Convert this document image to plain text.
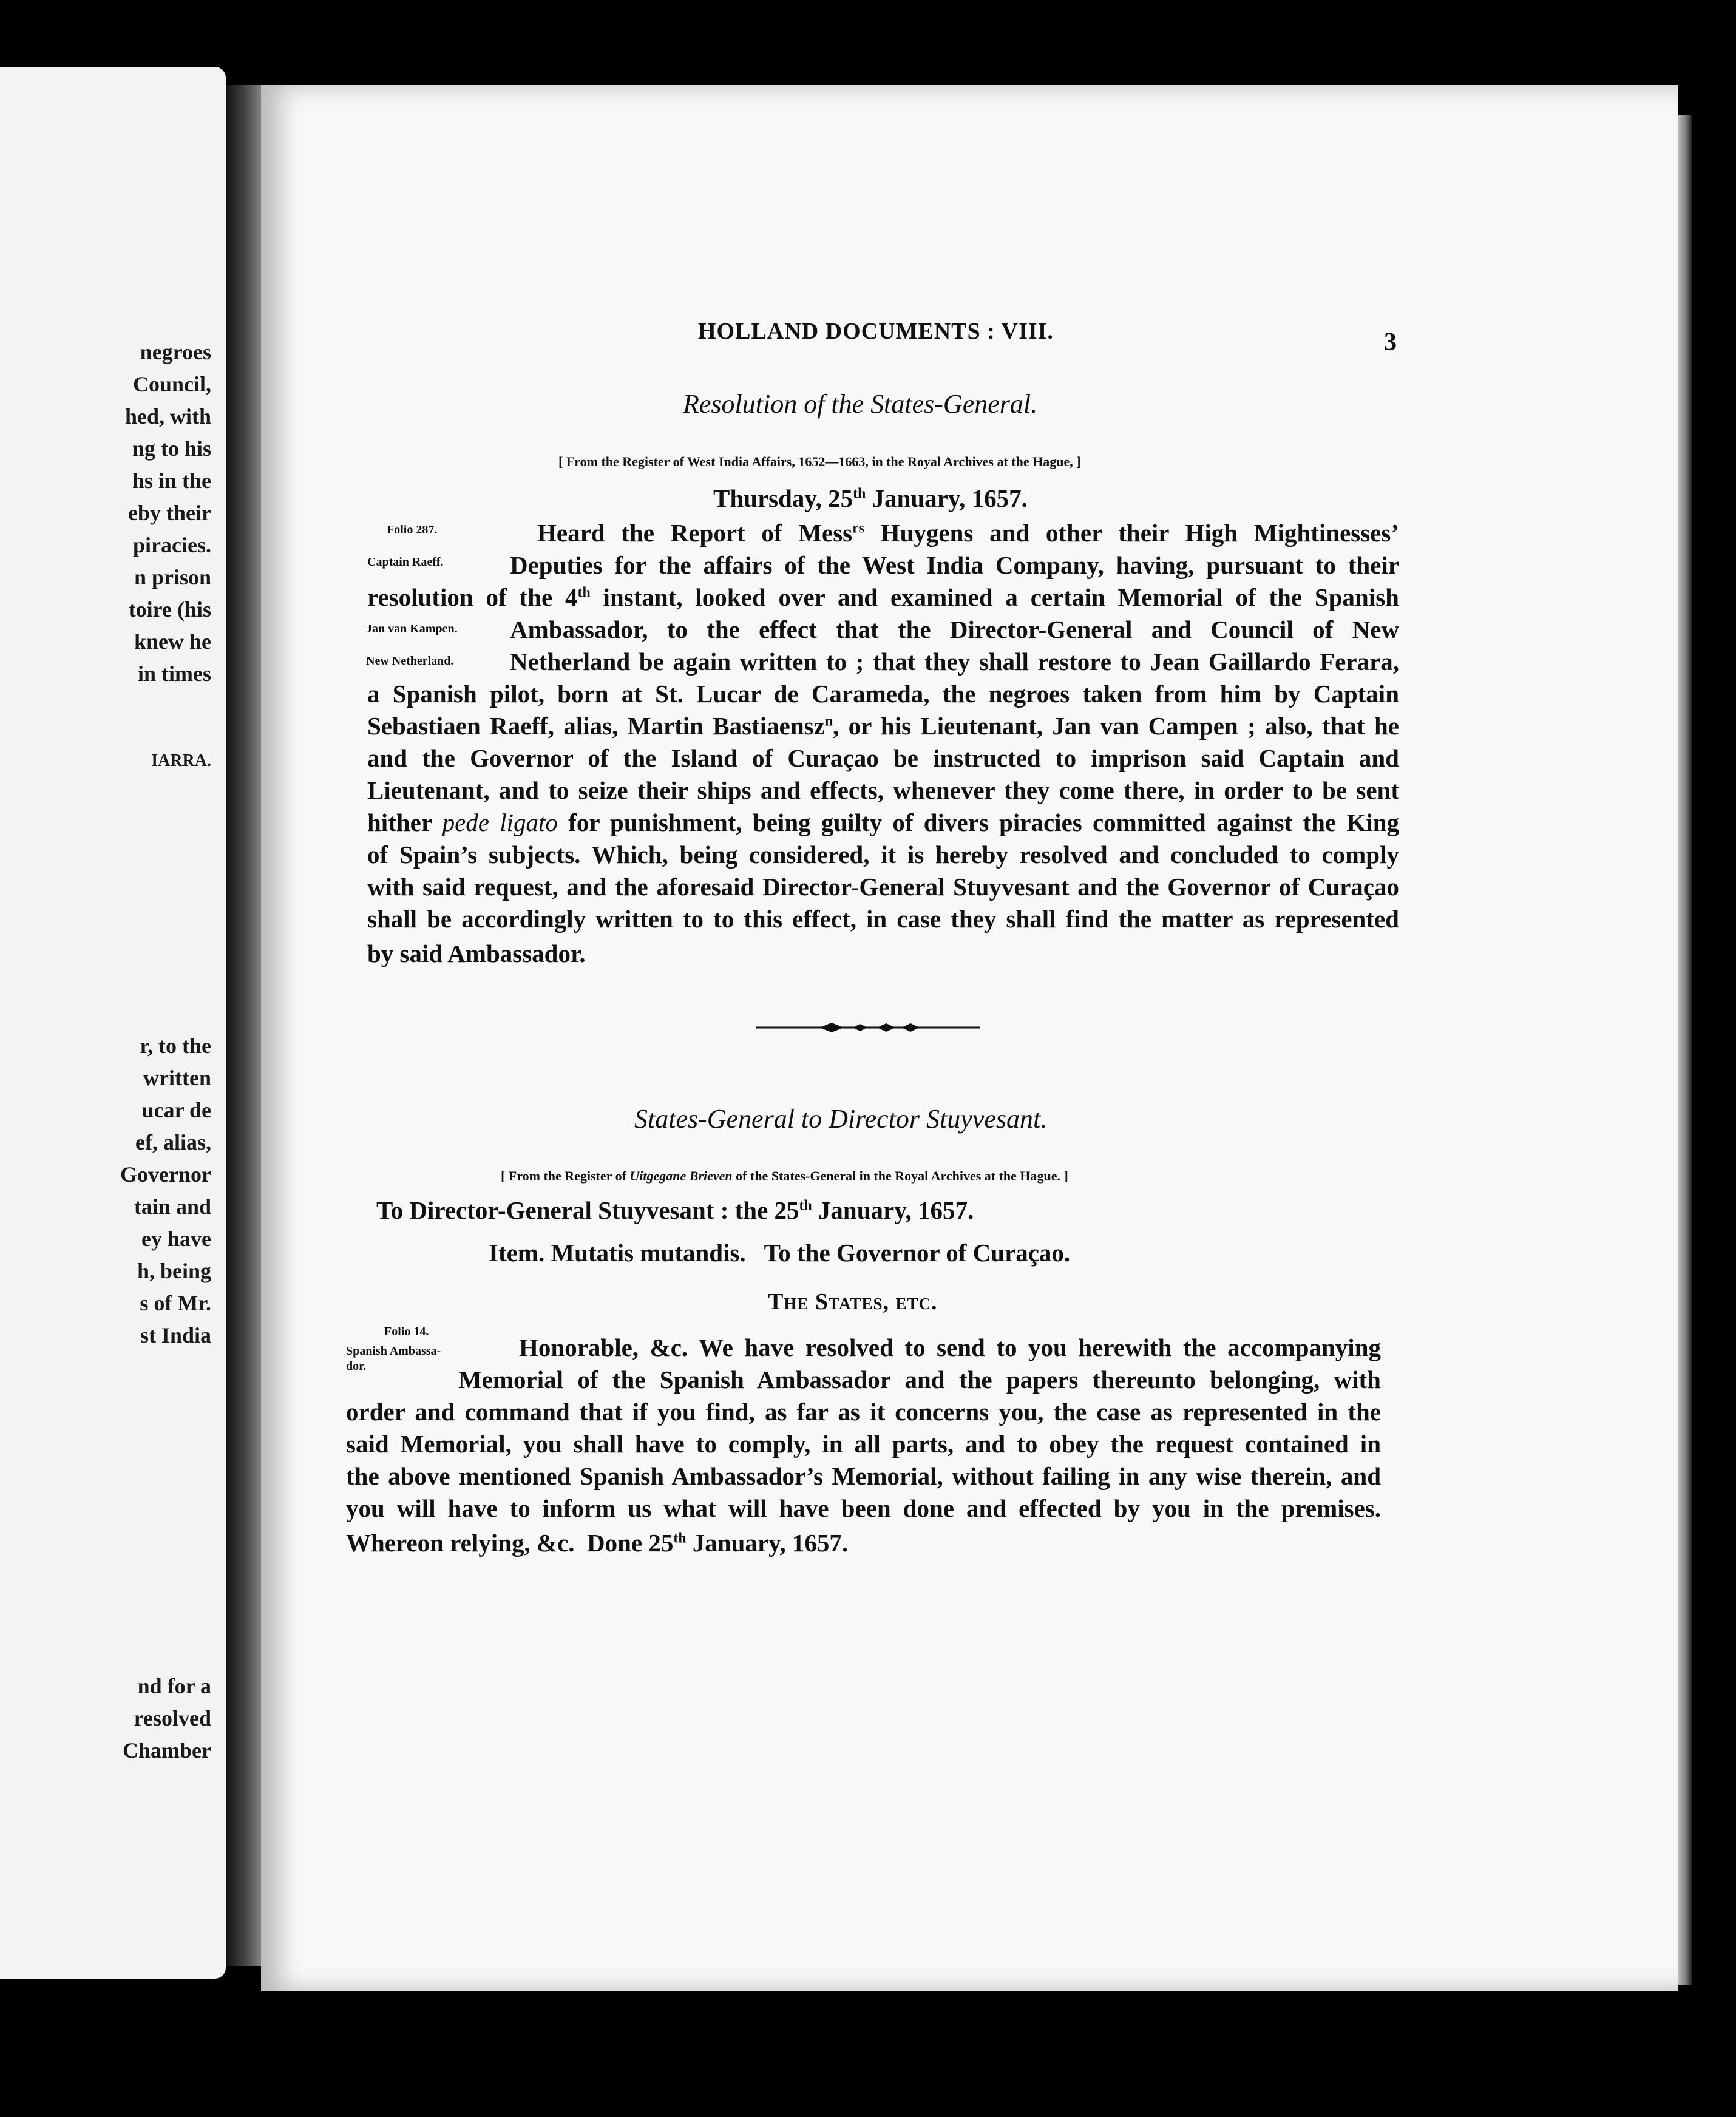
negroes
Council,
hed, with
ng to his
hs in the
eby their
piracies.
n prison
toire (his
knew he
in times
IARRA.
r, to the
written
ucar de
ef, alias,
Governor
tain and
ey have
h, being
s of Mr.
st India
nd for a
resolved
Chamber
HOLLAND DOCUMENTS : VIII.	3
Resolution of the States-General.
[ From the Register of West India Affairs, 1652—1663, in the Royal Archives at the Hague, ]
Thursday, 25th January, 1657.
Folio 287.
Captain Raeff.
Jan van Kampen.
New Netherland.
Heard the Report of Mess$^{rs}$ Huygens and other their High Mightinesses’
Deputies for the affairs of the West India Company, having, pursuant to their
resolution of the 4th instant, looked over and examined a certain Memorial of the Spanish
Ambassador, to the effect that the Director-General and Council of New
Netherland be again written to ; that they shall restore to Jean Gaillardo Ferara,
a Spanish pilot, born at St. Lucar de Carameda, the negroes taken from him by Captain
Sebastiaen Raeff, alias, Martin Bastiaensz$^n$, or his Lieutenant, Jan van Campen ; also, that he
and the Governor of the Island of Curaçao be instructed to imprison said Captain and
Lieutenant, and to seize their ships and effects, whenever they come there, in order to be sent
hither pede ligato for punishment, being guilty of divers piracies committed against the King
of Spain’s subjects. Which, being considered, it is hereby resolved and concluded to comply
with said request, and the aforesaid Director-General Stuyvesant and the Governor of Curaçao
shall be accordingly written to to this effect, in case they shall find the matter as represented
by said Ambassador.
States-General to Director Stuyvesant.
[ From the Register of Uitgegane Brieven of the States-General in the Royal Archives at the Hague. ]
To Director-General Stuyvesant : the 25th January, 1657.
Item. Mutatis mutandis.   To the Governor of Curaçao.
The States, etc.
Folio 14.
Spanish Ambassa-
dor.
Honorable, &c. We have resolved to send to you herewith the accompanying
Memorial of the Spanish Ambassador and the papers thereunto belonging, with
order and command that if you find, as far as it concerns you, the case as represented in the
said Memorial, you shall have to comply, in all parts, and to obey the request contained in
the above mentioned Spanish Ambassador’s Memorial, without failing in any wise therein, and
you will have to inform us what will have been done and effected by you in the premises.
Whereon relying, &c.  Done 25th January, 1657.
